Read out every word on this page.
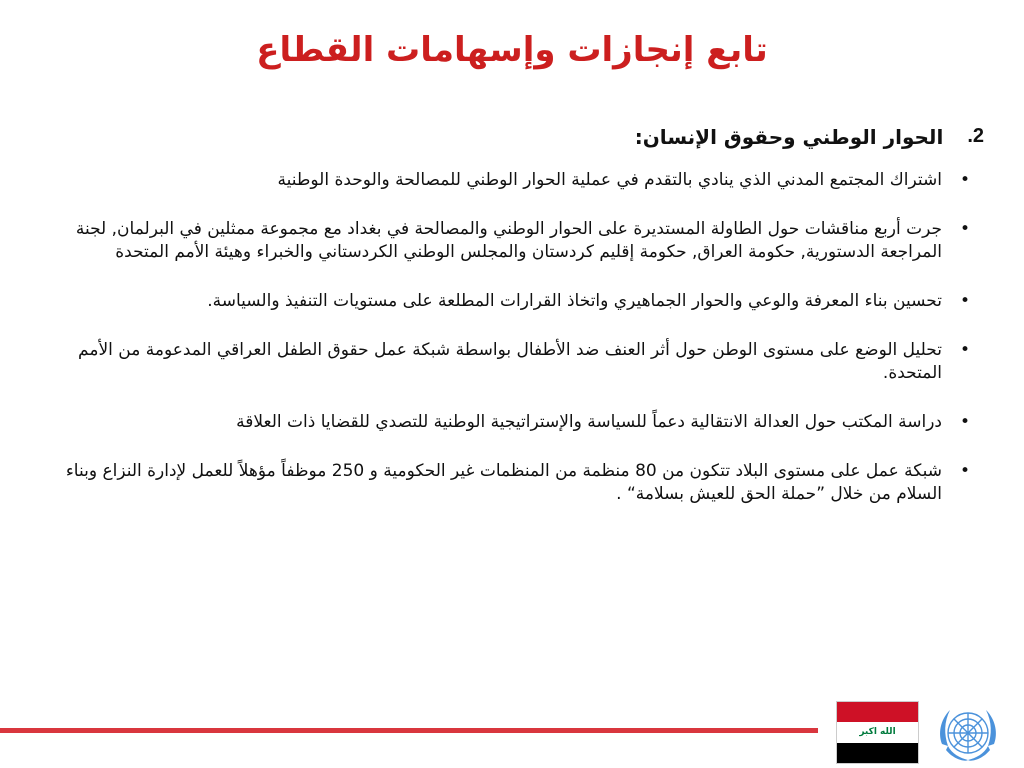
تابع إنجازات وإسهامات القطاع
2.
الحوار الوطني وحقوق الإنسان:
• اشتراك المجتمع المدني الذي ينادي بالتقدم في عملية الحوار الوطني للمصالحة والوحدة الوطنية
• جرت أربع مناقشات حول الطاولة المستديرة على الحوار الوطني والمصالحة في بغداد مع مجموعة ممثلين في البرلمان, لجنة المراجعة الدستورية, حكومة العراق, حكومة إقليم كردستان والمجلس الوطني الكردستاني والخبراء وهيئة الأمم المتحدة
• تحسين بناء المعرفة والوعي والحوار الجماهيري واتخاذ القرارات المطلعة على مستويات التنفيذ والسياسة.
• تحليل الوضع على مستوى الوطن حول أثر العنف ضد الأطفال بواسطة شبكة عمل حقوق الطفل العراقي المدعومة من الأمم المتحدة.
• دراسة المكتب حول العدالة الانتقالية دعماً للسياسة والإستراتيجية الوطنية للتصدي للقضايا ذات العلاقة
• شبكة عمل على مستوى البلاد تتكون من 80 منظمة من المنظمات غير الحكومية و 250 موظفاً مؤهلاً للعمل لإدارة النزاع وبناء السلام من خلال ”حملة الحق للعيش بسلامة“ .
الله اكبر
